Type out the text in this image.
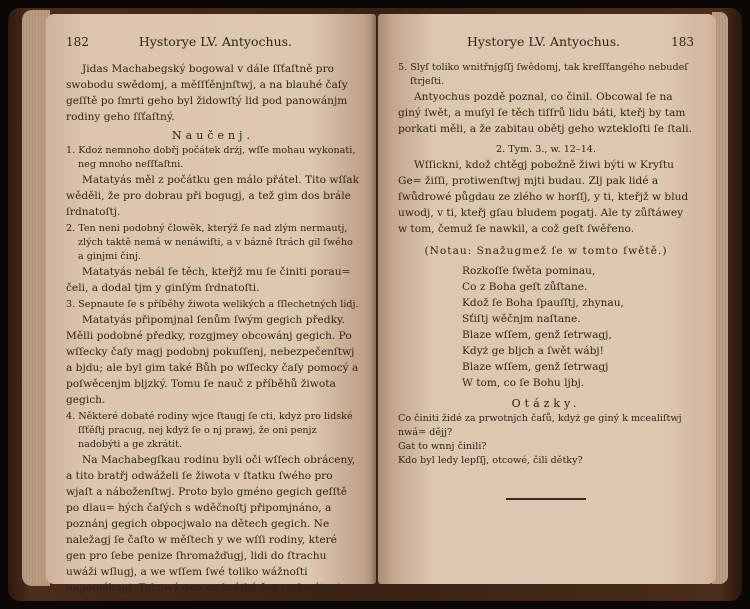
182	Hystorye LV. Antyochus.

Jidas Machabegský bogowal v dále ſſťaſtně pro swobodu swědomj, a měſſťěnjnſtwj, a na blauhé čaſy geſſtě po ſmrti geho byl židowſtý lid pod panowánjm rodiny geho ſſťaſtný.

Naučenj.

1. Kdoż nemnoho dobřj počátek drżj, wſſe mohau wykonati, neg mnoho neſſťaſtni.

Matatyás měl z počátku gen málo přátel. Tito wſſak wěděli, že pro dobrau při bogugj, a tež gim dos brále ſrdnatoſtj.

2. Ten neni podobný člowěk, kterýž ſe nad zlým nermautj, zlých taktě nemá w nenáwiſti, a v bázně ſtrách gil ſwého a ginjmi činj.

Matatyás nebál ſe těch, kteřjž mu ſe činiti porau= čeli, a dodal tjm y ginſým ſrdnatoſti.

3. Sepnaute ſe s příběhy žiwota welikých a ſſlechetných lidj.

Matatyás připomjnal ſenům ſwým gegich předky. Mělli podobné předky, rozgjmey obcowánj gegich. Po wſſecky čaſy magj podobnj pokuſſenj, nebezpečenſtwj a bjdu; ale byl gim také Bůh po wſſecky čaſy pomocý a poſwěcenjm bljzký. Tomu ſe nauč z příběhů žiwota gegich.

4. Některé dobaté rodiny wjce ſtaugj ſe cti, kdyż pro lidské ſſťěſtj pracug, nej kdyż ſe o nj prawj, že oni penjz nadobýti a ge zkrátit.

Na Machabegſkau rodinu byli oči wſſech obráceny, a tito bratřj odwáželi ſe žiwota v ſtatku ſwého pro wjaſt a náboženſtwj. Proto bylo gméno gegich geſſtě po dlau= hých čaſých s wděčnoſtj připomjnáno, a poznánj gegich obpocjwalo na dětech gegich. Ne naležagj ſe čaſto w měſtech y we wſſi rodiny, které gen pro ſebe penize ſhromažďugj, lidi do ſtrachu uwáži wſlugj, a we wſſem ſwé toliko wážnoſti napomáhagj. Takowý gen na krátký čas rozkwétagj.

Hystorye LV. Antyochus.	183

5. Slyſ toliko wnitřnjgſſj ſwědomj, tak kreſſťangého nebudeſ ſtrjeſti.

Antyochus pozdě poznal, co činil. Obcowal ſe na giný ſwět, a muſyl ſe těch tiſſrů lidu báti, kteřj by tam porkati měli, a že zabitau obětj geho wztekloſti ſe ſtali.

2. Tym. 3., w. 12–14.

Wſſickni, kdož chtěgj pobožně žiwi býti w Kryſtu Ge= žiſſi, protiwenſtwj mjti budau. Zlj pak lidé a ſwůdrowé půgdau ze zlého w horſſj, y ti, kteřjž w blud uwodj, v ti, kteřj gſau bludem pogatj. Ale ty zůſtáwey w tom, čemuž ſe nawkil, a což geſt ſwěřeno.

(Notau: Snažugmež ſe w tomto ſwětě.)

Rozkoſſe ſwěta pominau,

Co z Boha geſt zůſtane.

Kdož ſe Boha ſpauſſtj, zhynau,

Sťiſtj wěčnjm naſtane.

Blaze wſſem, genž ſetrwagj,

Kdyż ge bljch a ſwět wábj!

Blaze wſſem, genž ſetrwagj

W tom, co ſe Bohu ljbj.

Otázky.

Co činiti židé za prwotnjch čaſů, kdyż ge giný k mcealiſtwj nwá= dějj?

Gat to wnnj činili?

Kdo byl ledy lepſſj, otcowé, čili dětky?
